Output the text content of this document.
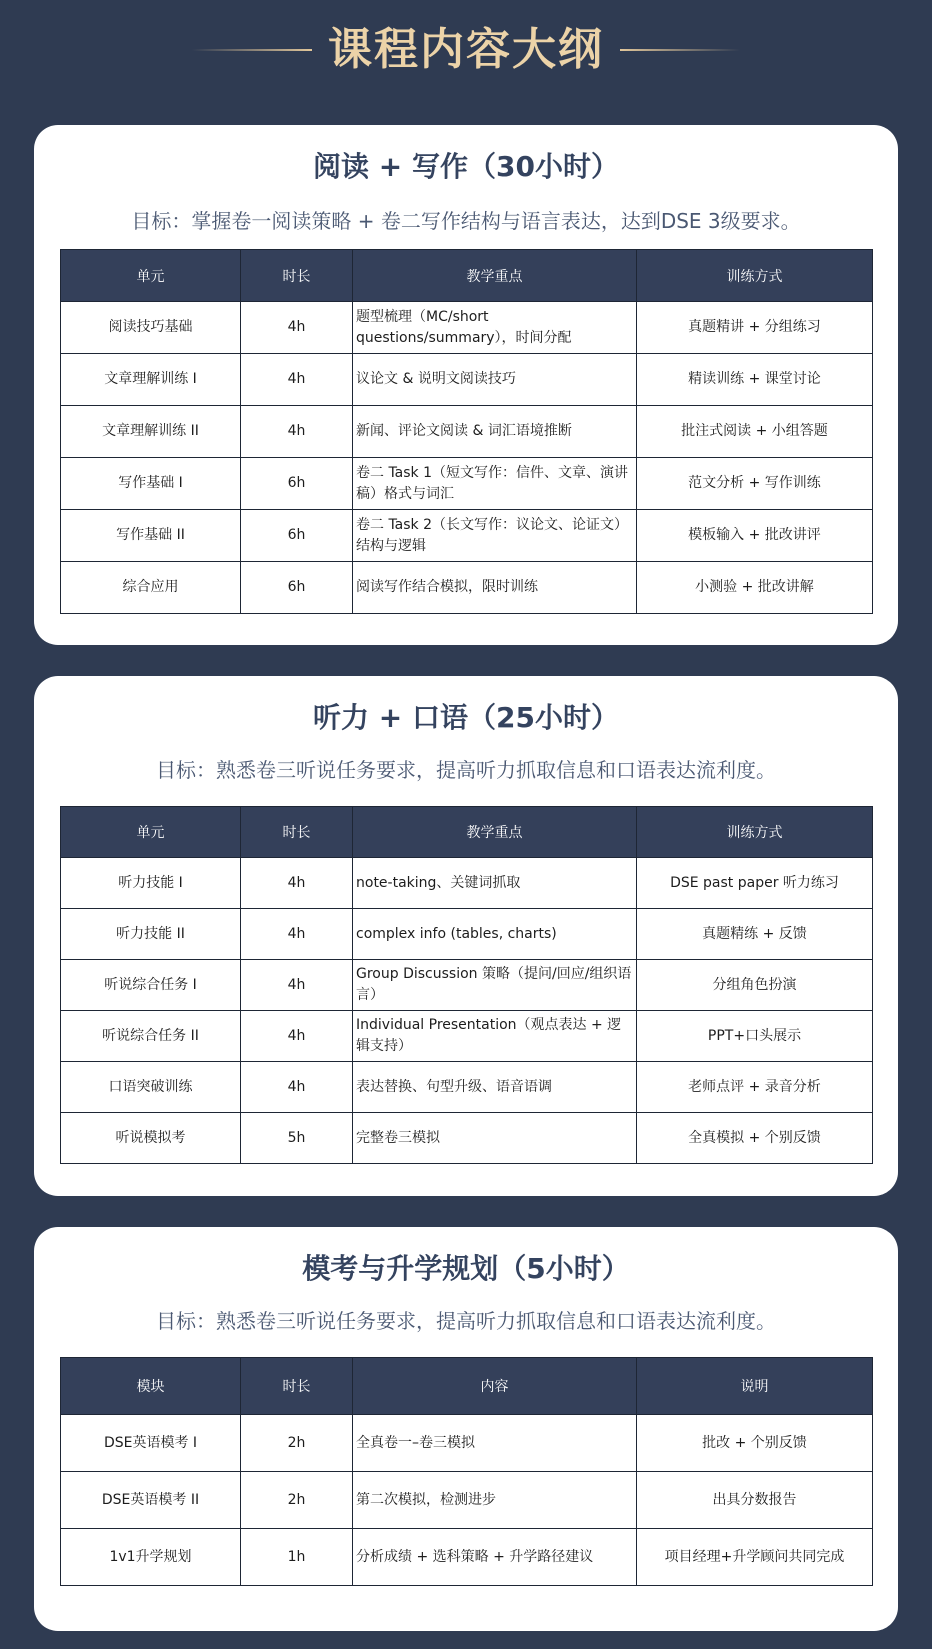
课程内容大纲
阅读 + 写作（30小时）
目标：掌握卷一阅读策略 + 卷二写作结构与语言表达，达到DSE 3级要求。
单元	时长	教学重点	训练方式
阅读技巧基础	4h	题型梳理（MC/short questions/summary），时间分配	真题精讲 + 分组练习
文章理解训练 I	4h	议论文 & 说明文阅读技巧	精读训练 + 课堂讨论
文章理解训练 II	4h	新闻、评论文阅读 & 词汇语境推断	批注式阅读 + 小组答题
写作基础 I	6h	卷二 Task 1（短文写作：信件、文章、演讲稿）格式与词汇	范文分析 + 写作训练
写作基础 II	6h	卷二 Task 2（长文写作：议论文、论证文）结构与逻辑	模板输入 + 批改讲评
综合应用	6h	阅读写作结合模拟，限时训练	小测验 + 批改讲解
听力 + 口语（25小时）
目标：熟悉卷三听说任务要求，提高听力抓取信息和口语表达流利度。
单元	时长	教学重点	训练方式
听力技能 I	4h	note-taking、关键词抓取	DSE past paper 听力练习
听力技能 II	4h	complex info (tables, charts)	真题精练 + 反馈
听说综合任务 I	4h	Group Discussion 策略（提问/回应/组织语言）	分组角色扮演
听说综合任务 II	4h	Individual Presentation（观点表达 + 逻辑支持）	PPT+口头展示
口语突破训练	4h	表达替换、句型升级、语音语调	老师点评 + 录音分析
听说模拟考	5h	完整卷三模拟	全真模拟 + 个别反馈
模考与升学规划（5小时）
目标：熟悉卷三听说任务要求，提高听力抓取信息和口语表达流利度。
模块	时长	内容	说明
DSE英语模考 I	2h	全真卷一–卷三模拟	批改 + 个别反馈
DSE英语模考 II	2h	第二次模拟，检测进步	出具分数报告
1v1升学规划	1h	分析成绩 + 选科策略 + 升学路径建议	项目经理+升学顾问共同完成
